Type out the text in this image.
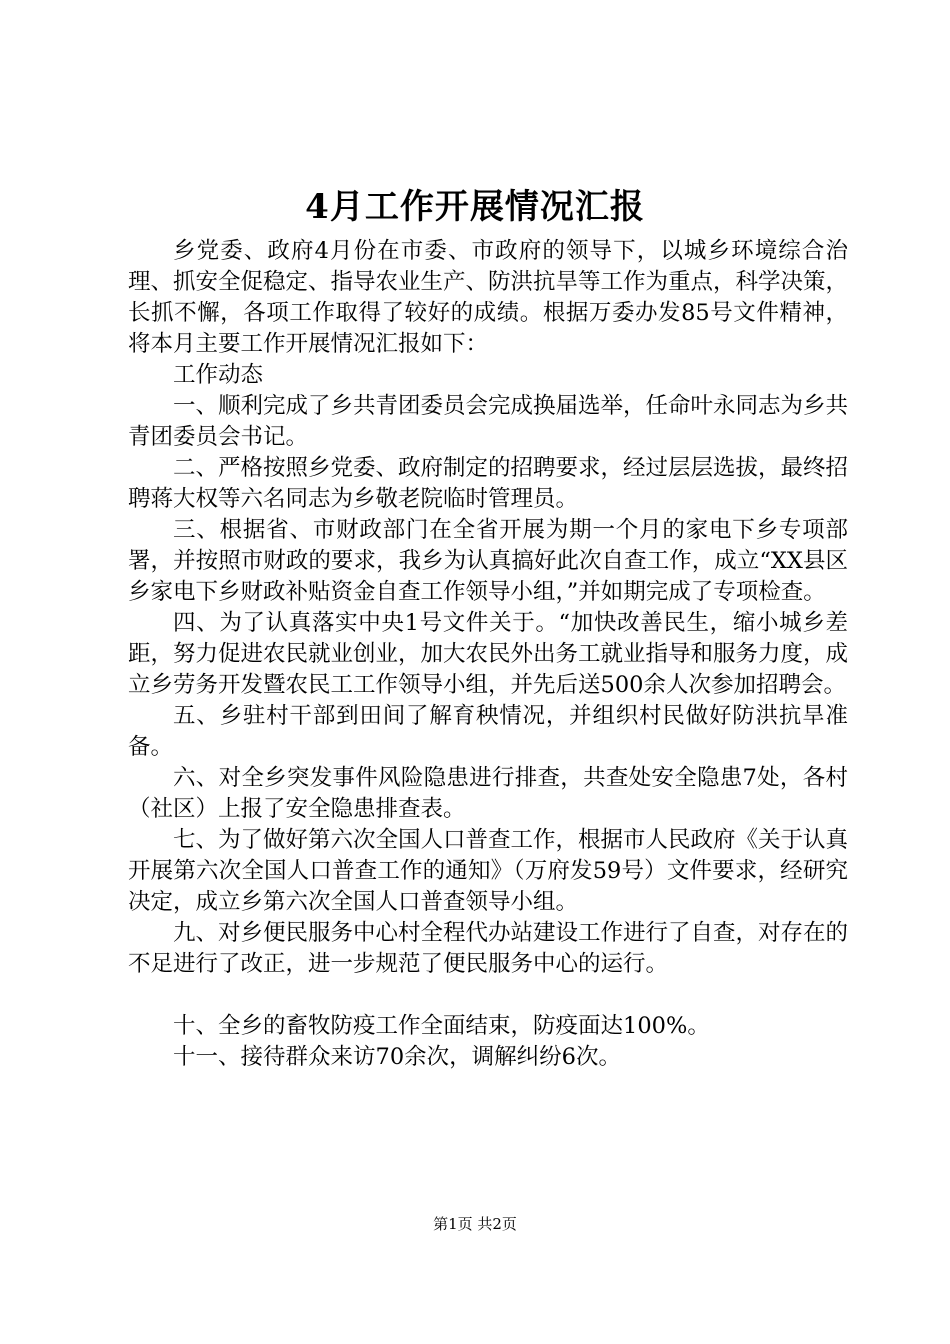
4月工作开展情况汇报

乡党委、政府4月份在市委、市政府的领导下，以城乡环境综合治理、抓安全促稳定、指导农业生产、防洪抗旱等工作为重点，科学决策，长抓不懈，各项工作取得了较好的成绩。根据万委办发85号文件精神，将本月主要工作开展情况汇报如下：

工作动态

一、顺利完成了乡共青团委员会完成换届选举，任命叶永同志为乡共青团委员会书记。

二、严格按照乡党委、政府制定的招聘要求，经过层层选拔，最终招聘蒋大权等六名同志为乡敬老院临时管理员。

三、根据省、市财政部门在全省开展为期一个月的家电下乡专项部署，并按照市财政的要求，我乡为认真搞好此次自查工作，成立“XX县区乡家电下乡财政补贴资金自查工作领导小组，”并如期完成了专项检查。

四、为了认真落实中央1号文件关于。“加快改善民生，缩小城乡差距，努力促进农民就业创业，加大农民外出务工就业指导和服务力度，成立乡劳务开发暨农民工工作领导小组，并先后送500余人次参加招聘会。

五、乡驻村干部到田间了解育秧情况，并组织村民做好防洪抗旱准备。

六、对全乡突发事件风险隐患进行排查，共查处安全隐患7处，各村（社区）上报了安全隐患排查表。

七、为了做好第六次全国人口普查工作，根据市人民政府《关于认真开展第六次全国人口普查工作的通知》（万府发59号）文件要求，经研究决定，成立乡第六次全国人口普查领导小组。

九、对乡便民服务中心村全程代办站建设工作进行了自查，对存在的不足进行了改正，进一步规范了便民服务中心的运行。

十、全乡的畜牧防疫工作全面结束，防疫面达100%。

十一、接待群众来访70余次，调解纠纷6次。

第1页 共2页
